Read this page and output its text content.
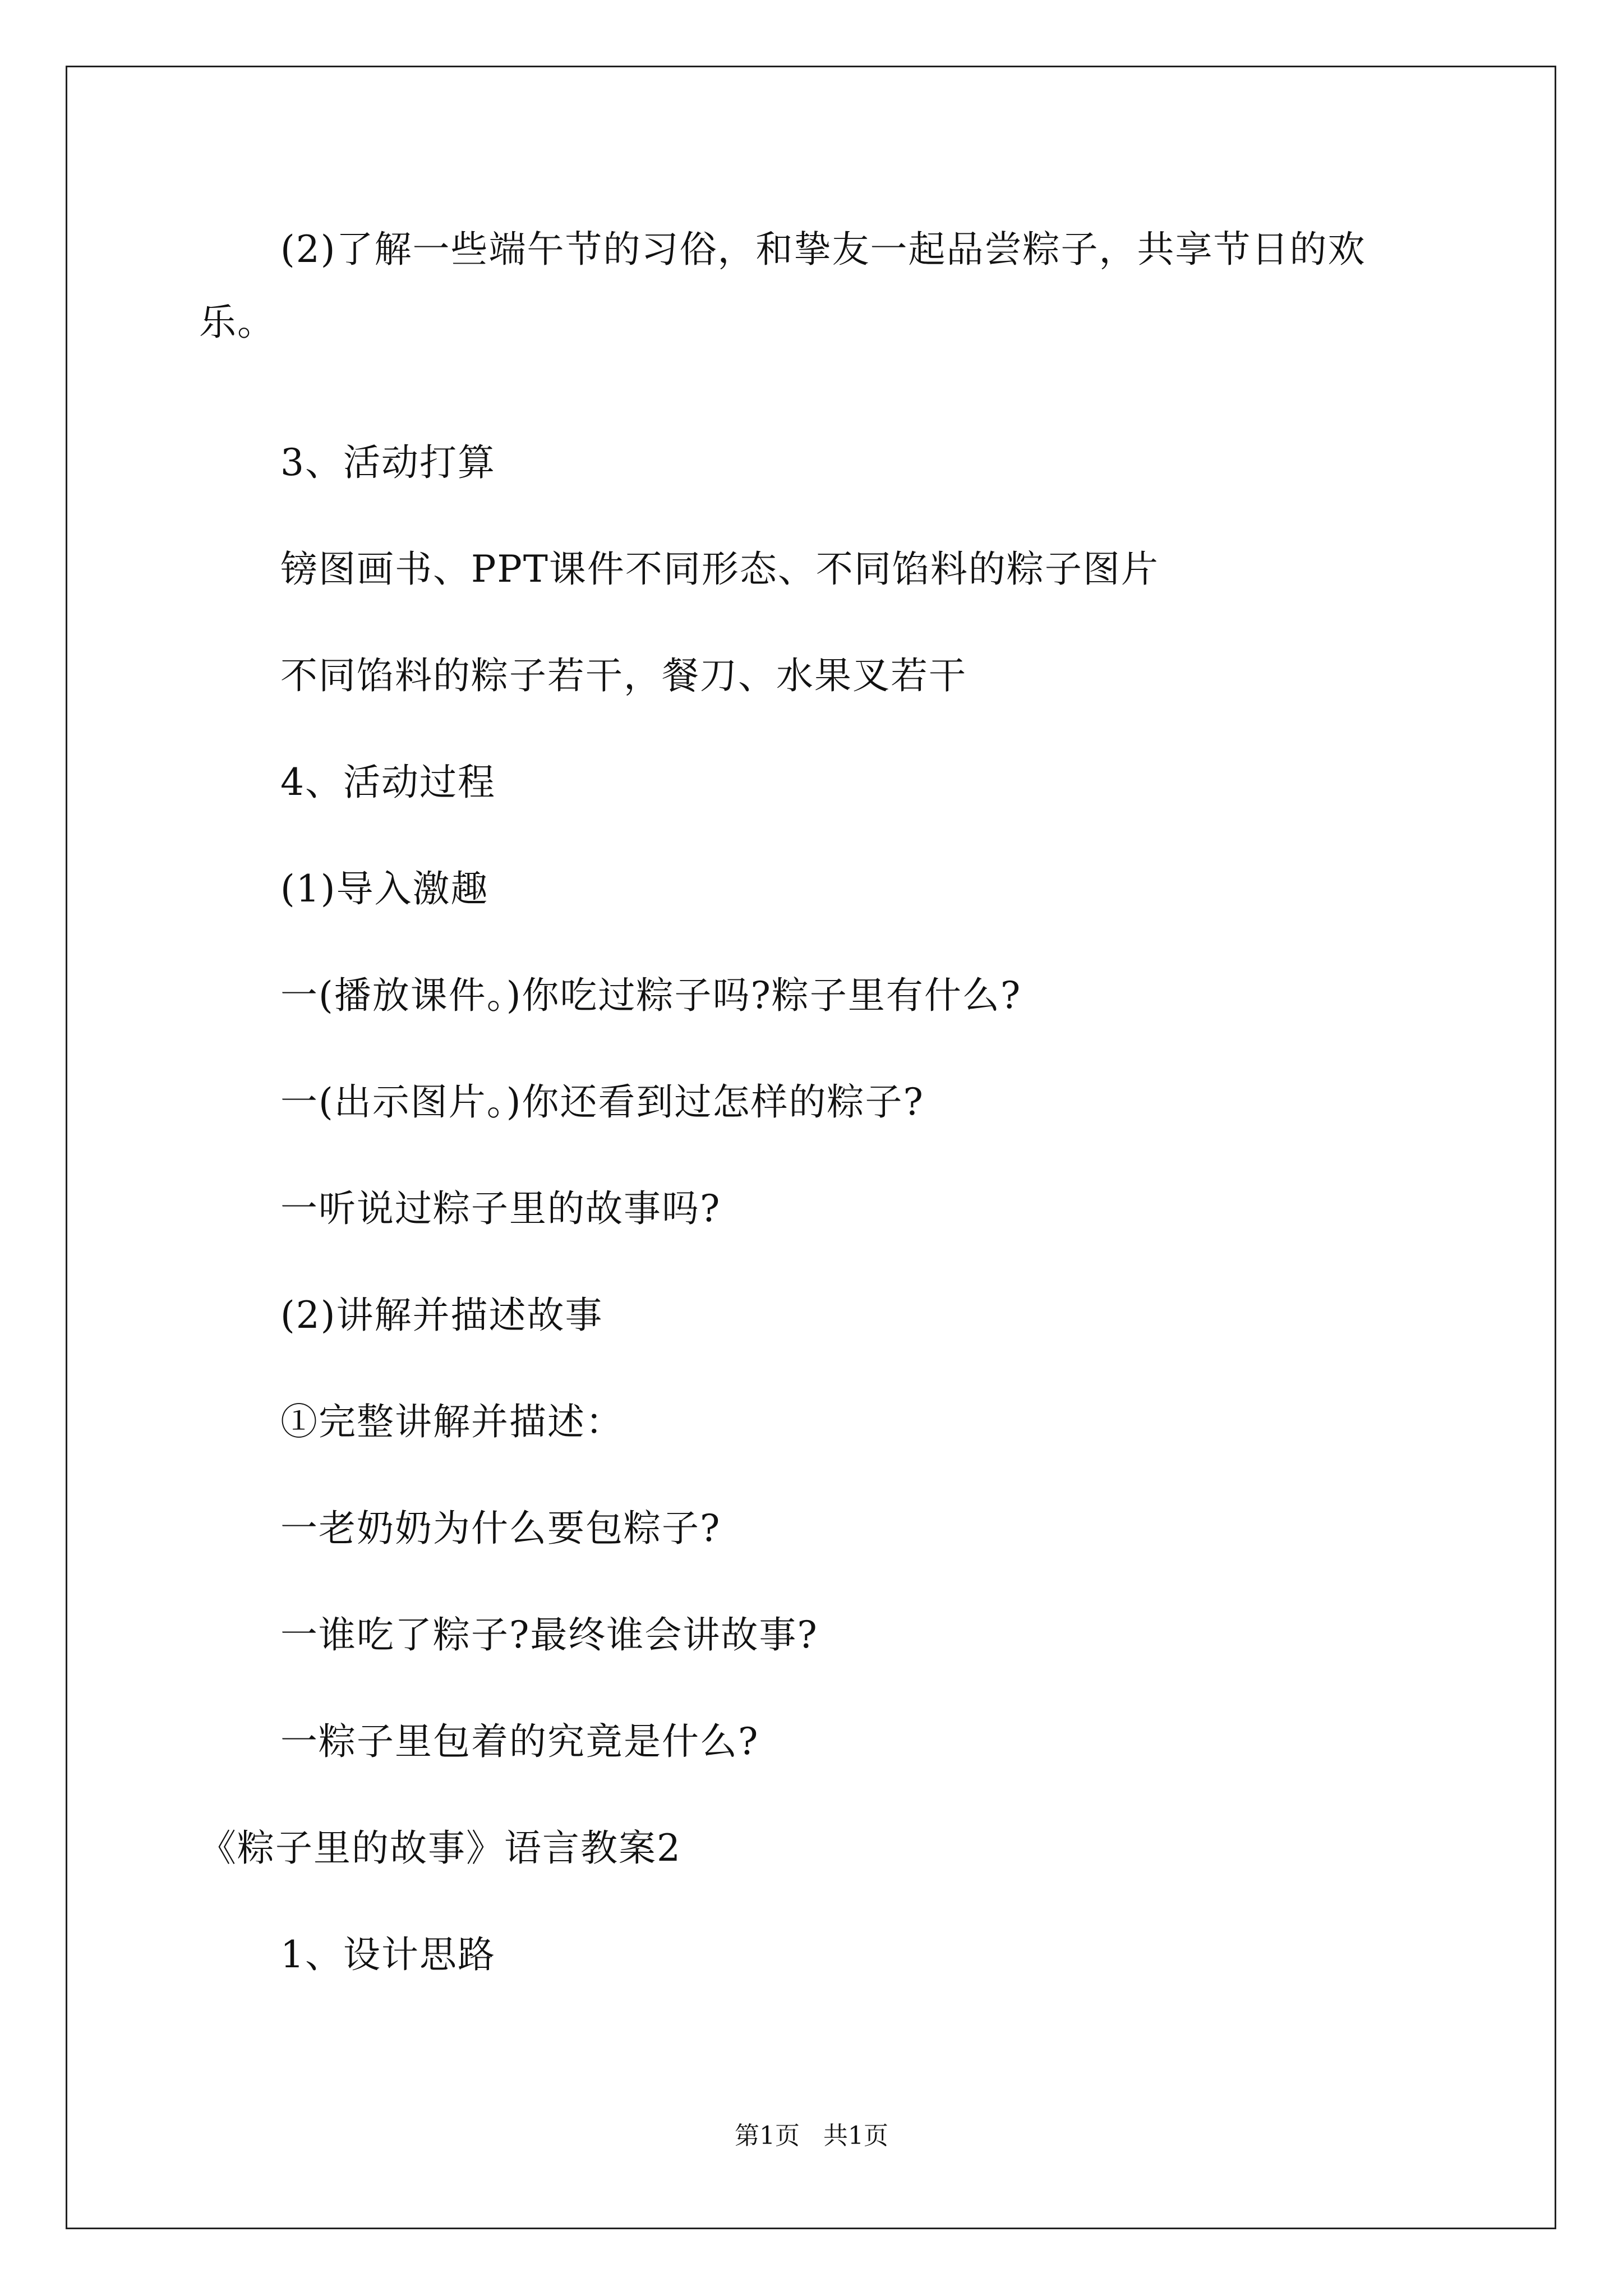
(2)了解一些端午节的习俗，和挚友一起品尝粽子，共享节日的欢
乐。
3、活动打算
镑图画书、PPT课件不同形态、不同馅料的粽子图片
不同馅料的粽子若干，餐刀、水果叉若干
4、活动过程
(1)导入激趣
一(播放课件。)你吃过粽子吗?粽子里有什么?
一(出示图片。)你还看到过怎样的粽子?
一听说过粽子里的故事吗?
(2)讲解并描述故事
①完整讲解并描述：
一老奶奶为什么要包粽子?
一谁吃了粽子?最终谁会讲故事?
一粽子里包着的究竟是什么?
《粽子里的故事》语言教案2
1、设计思路
第1页   共1页
